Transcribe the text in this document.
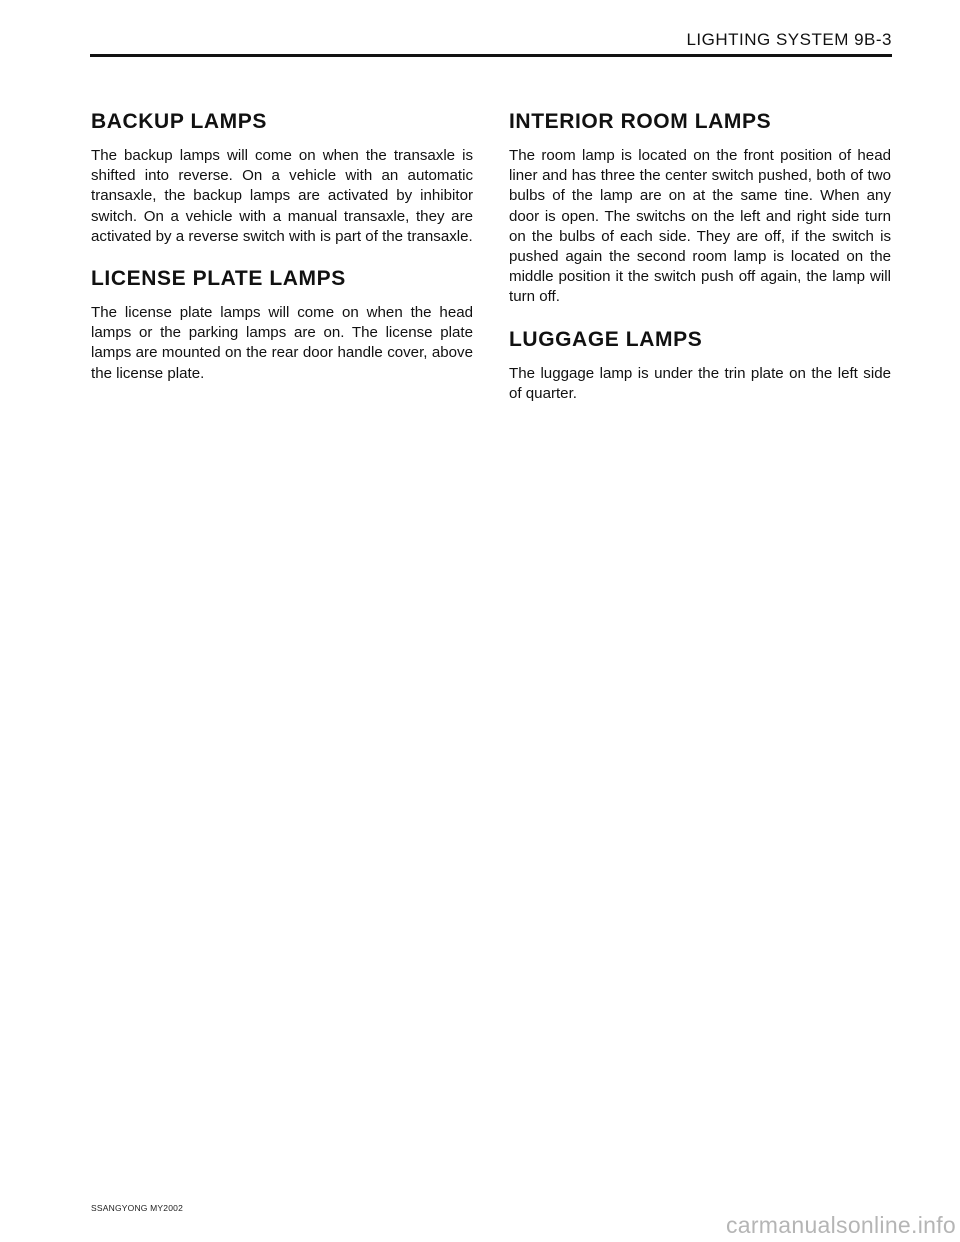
LIGHTING SYSTEM 9B-3
BACKUP LAMPS

The backup lamps will come on when the transaxle is shifted into reverse. On a vehicle with an automatic transaxle, the backup lamps are activated by inhibitor switch. On a vehicle with a manual transaxle, they are activated by a reverse switch with is part of the transaxle.

LICENSE PLATE LAMPS

The license plate lamps will come on when the head lamps or the parking lamps are on. The license plate lamps are mounted on the rear door handle cover, above the license plate.

INTERIOR ROOM LAMPS

The room lamp is located on the front position of head liner and has three the center switch pushed, both of two bulbs of the lamp are on at the same tine. When any door is open. The switchs on the left and right side turn on the bulbs of each side. They are off, if the switch is pushed again the second room lamp is located on the middle position it the switch push off again, the lamp will turn off.

LUGGAGE LAMPS

The luggage lamp is under the trin plate on the left side of quarter.

SSANGYONG MY2002
carmanualsonline.info
